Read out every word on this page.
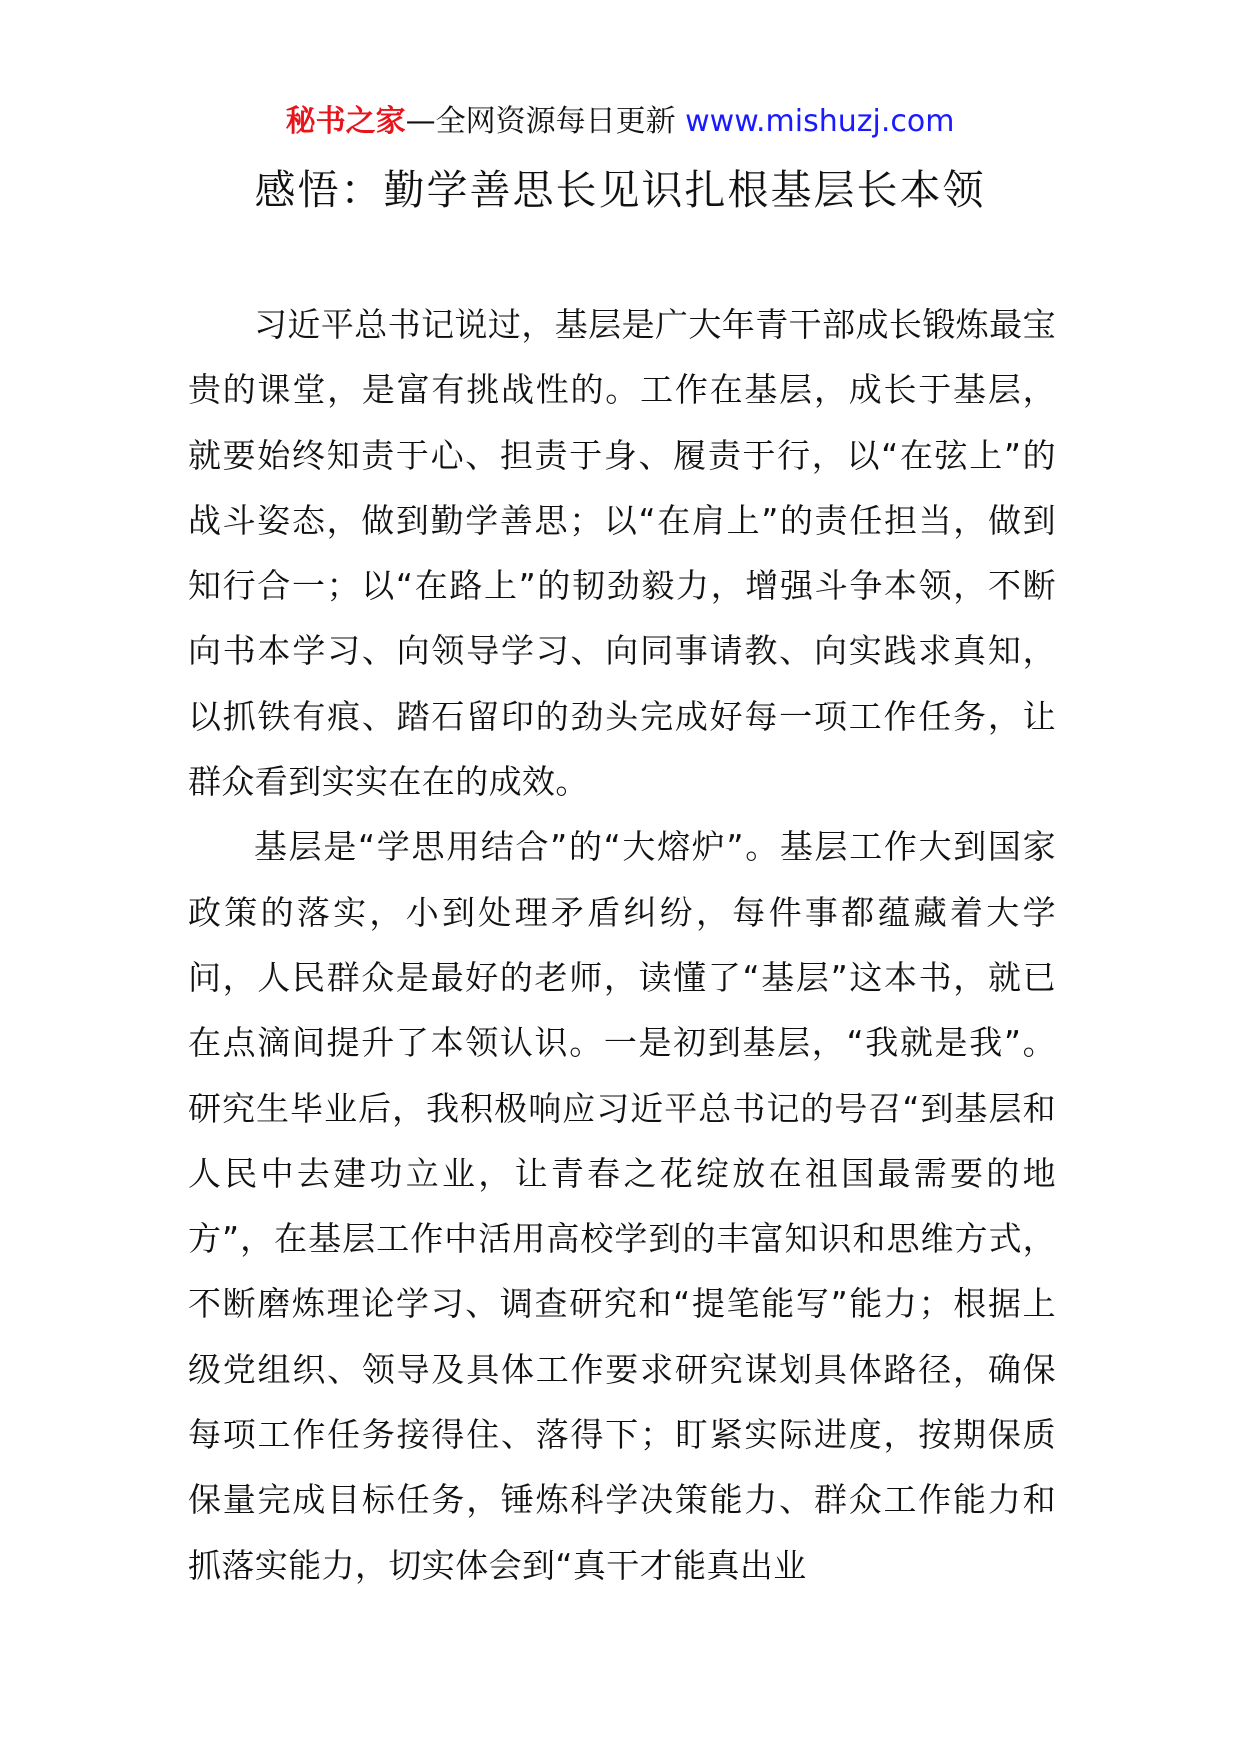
秘书之家—全网资源每日更新 www.mishuzj.com
感悟：勤学善思长见识扎根基层长本领

习近平总书记说过，基层是广大年青干部成长锻炼最宝贵的课堂，是富有挑战性的。工作在基层，成长于基层，就要始终知责于心、担责于身、履责于行，以“在弦上”的战斗姿态，做到勤学善思；以“在肩上”的责任担当，做到知行合一；以“在路上”的韧劲毅力，增强斗争本领，不断向书本学习、向领导学习、向同事请教、向实践求真知，以抓铁有痕、踏石留印的劲头完成好每一项工作任务，让群众看到实实在在的成效。

基层是“学思用结合”的“大熔炉”。基层工作大到国家政策的落实，小到处理矛盾纠纷，每件事都蕴藏着大学问，人民群众是最好的老师，读懂了“基层”这本书，就已在点滴间提升了本领认识。一是初到基层，“我就是我”。研究生毕业后，我积极响应习近平总书记的号召“到基层和人民中去建功立业，让青春之花绽放在祖国最需要的地方”，在基层工作中活用高校学到的丰富知识和思维方式，不断磨炼理论学习、调查研究和“提笔能写”能力；根据上级党组织、领导及具体工作要求研究谋划具体路径，确保每项工作任务接得住、落得下；盯紧实际进度，按期保质保量完成目标任务，锤炼科学决策能力、群众工作能力和抓落实能力，切实体会到“真干才能真出业
